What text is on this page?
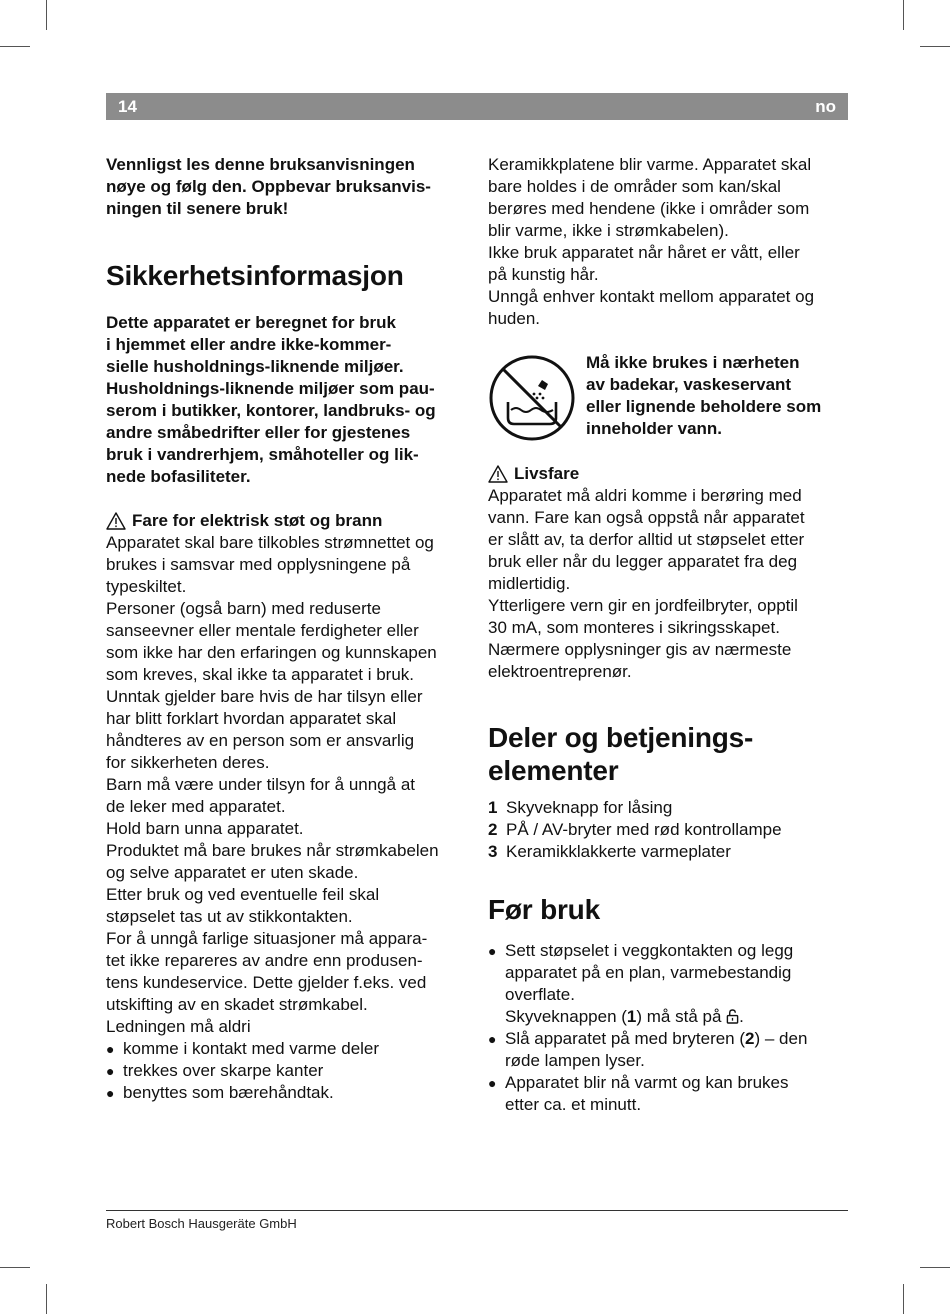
14	no

Vennligst les denne bruksanvisningen
nøye og følg den. Oppbevar bruksanvis-
ningen til senere bruk!

Sikkerhetsinformasjon

Dette apparatet er beregnet for bruk
i hjemmet eller andre ikke-kommer-
sielle husholdnings-liknende miljøer.
Husholdnings-liknende miljøer som pau-
serom i butikker, kontorer, landbruks- og
andre småbedrifter eller for gjestenes
bruk i vandrerhjem, småhoteller og lik-
nede bofasiliteter.

Fare for elektrisk støt og brann

Apparatet skal bare tilkobles strømnettet og
brukes i samsvar med opplysningene på
typeskiltet.
Personer (også barn) med reduserte
sanseevner eller mentale ferdigheter eller
som ikke har den erfaringen og kunnskapen
som kreves, skal ikke ta apparatet i bruk.
Unntak gjelder bare hvis de har tilsyn eller
har blitt forklart hvordan apparatet skal
håndteres av en person som er ansvarlig
for sikkerheten deres.
Barn må være under tilsyn for å unngå at
de leker med apparatet.
Hold barn unna apparatet.
Produktet må bare brukes når strømkabelen
og selve apparatet er uten skade.
Etter bruk og ved eventuelle feil skal
støpselet tas ut av stikkontakten.
For å unngå farlige situasjoner må appara-
tet ikke repareres av andre enn produsen-
tens kundeservice. Dette gjelder f.eks. ved
utskifting av en skadet strømkabel.
Ledningen må aldri

● komme i kontakt med varme deler
● trekkes over skarpe kanter
● benyttes som bærehåndtak.

Keramikkplatene blir varme. Apparatet skal
bare holdes i de områder som kan/skal
berøres med hendene (ikke i områder som
blir varme, ikke i strømkabelen).
Ikke bruk apparatet når håret er vått, eller
på kunstig hår.
Unngå enhver kontakt mellom apparatet og
huden.

Må ikke brukes i nærheten
av badekar, vaskeservant
eller lignende beholdere som
inneholder vann.

Livsfare

Apparatet må aldri komme i berøring med
vann. Fare kan også oppstå når apparatet
er slått av, ta derfor alltid ut støpselet etter
bruk eller når du legger apparatet fra deg
midlertidig.
Ytterligere vern gir en jordfeilbryter, opptil
30 mA, som monteres i sikringsskapet.
Nærmere opplysninger gis av nærmeste
elektroentreprenør.

Deler og betjenings-
elementer
1 Skyveknapp for låsing
2 PÅ / AV-bryter med rød kontrollampe
3 Keramikklakkerte varmeplater
Før bruk
● Sett støpselet i veggkontakten og legg
apparatet på en plan, varmebestandig
overflate.
Skyveknappen (1) må stå på .
● Slå apparatet på med bryteren (2) – den
røde lampen lyser.
● Apparatet blir nå varmt og kan brukes
etter ca. et minutt.
Robert Bosch Hausgeräte GmbH
